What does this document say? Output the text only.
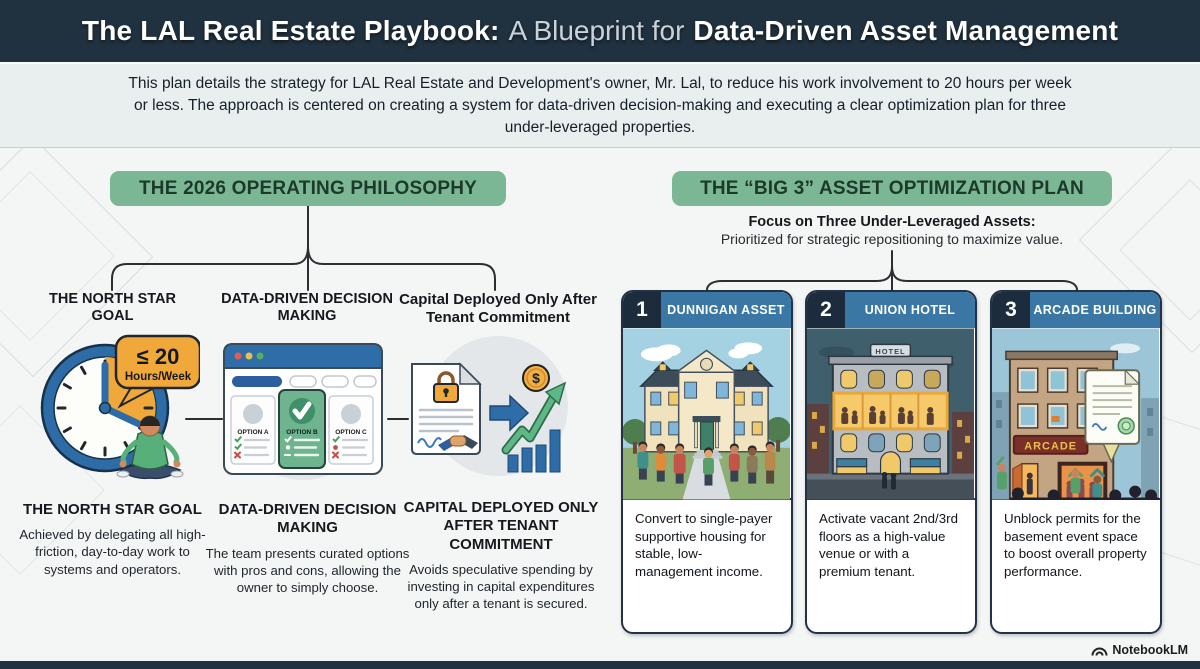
The LAL Real Estate Playbook: A Blueprint for Data-Driven Asset Management

This plan details the strategy for LAL Real Estate and Development's owner, Mr. Lal, to reduce his work involvement to 20 hours per week or less. The approach is centered on creating a system for data-driven decision-making and executing a clear optimization plan for three under-leveraged properties.

THE 2026 OPERATING PHILOSOPHY	THE “BIG 3” ASSET OPTIMIZATION PLAN
Focus on Three Under-Leveraged Assets:
Prioritized for strategic repositioning to maximize value.
THE NORTH STAR GOAL
DATA-DRIVEN DECISION MAKING
Capital Deployed Only After Tenant Commitment
≤ 20
Hours/Week
OPTION A	OPTION B	OPTION C
$
THE NORTH STAR GOAL
Achieved by delegating all high-friction, day-to-day work to systems and operators.
DATA-DRIVEN DECISION MAKING
The team presents curated options with pros and cons, allowing the owner to simply choose.
CAPITAL DEPLOYED ONLY AFTER TENANT COMMITMENT
Avoids speculative spending by investing in capital expenditures only after a tenant is secured.
1	DUNNIGAN ASSET
Convert to single-payer supportive housing for stable, low-management income.
2	UNION HOTEL
HOTEL
Activate vacant 2nd/3rd floors as a high-value venue or with a premium tenant.
3	ARCADE BUILDING
ARCADE
Unblock permits for the basement event space to boost overall property performance.
NotebookLM
